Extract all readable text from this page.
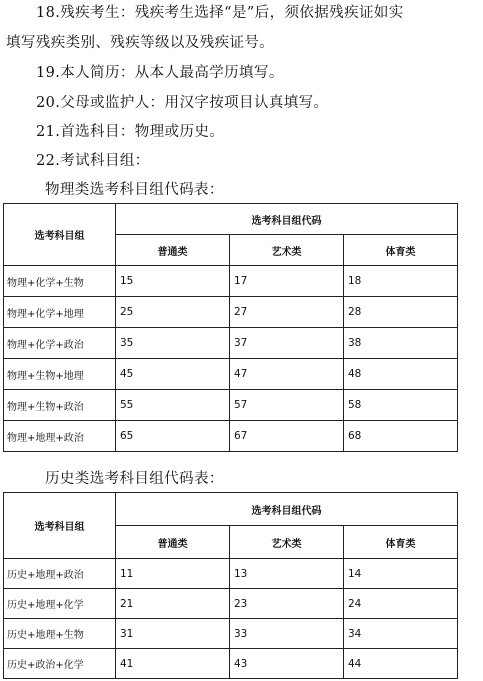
18.残疾考生：残疾考生选择“是”后，须依据残疾证如实
填写残疾类别、残疾等级以及残疾证号。
19.本人简历：从本人最高学历填写。
20.父母或监护人：用汉字按项目认真填写。
21.首选科目：物理或历史。
22.考试科目组：
物理类选考科目组代码表：
选考科目组	选考科目组代码		
	普通类	艺术类	体育类
物理+化学+生物	15	17	18
物理+化学+地理	25	27	28
物理+化学+政治	35	37	38
物理+生物+地理	45	47	48
物理+生物+政治	55	57	58
物理+地理+政治	65	67	68
历史类选考科目组代码表：
选考科目组	选考科目组代码		
	普通类	艺术类	体育类
历史+地理+政治	11	13	14
历史+地理+化学	21	23	24
历史+地理+生物	31	33	34
历史+政治+化学	41	43	44
